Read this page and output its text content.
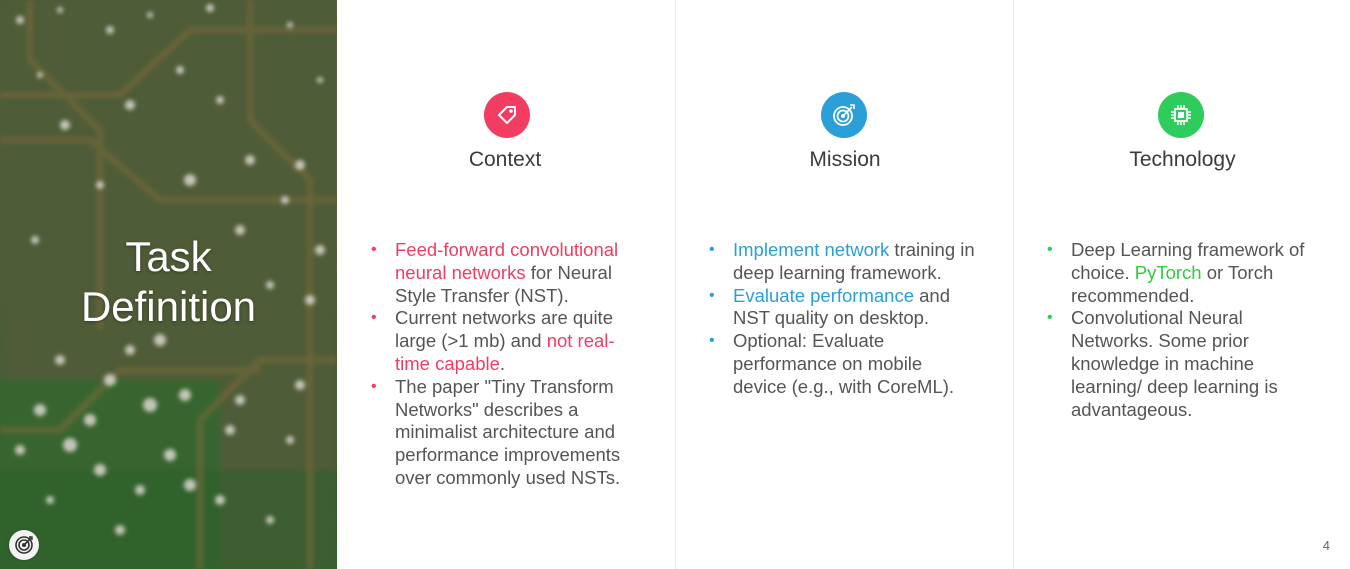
Task
Definition
Context
• Feed-forward convolutional neural networks for Neural Style Transfer (NST).
• Current networks are quite large (>1 mb) and not real-time capable.
• The paper "Tiny Transform Networks" describes a minimalist architecture and performance improvements over commonly used NSTs.
Mission
• Implement network training in deep learning framework.
• Evaluate performance and NST quality on desktop.
• Optional: Evaluate performance on mobile device (e.g., with CoreML).
Technology
• Deep Learning framework of choice. PyTorch or Torch recommended.
• Convolutional Neural Networks. Some prior knowledge in machine learning/ deep learning is advantageous.
4
